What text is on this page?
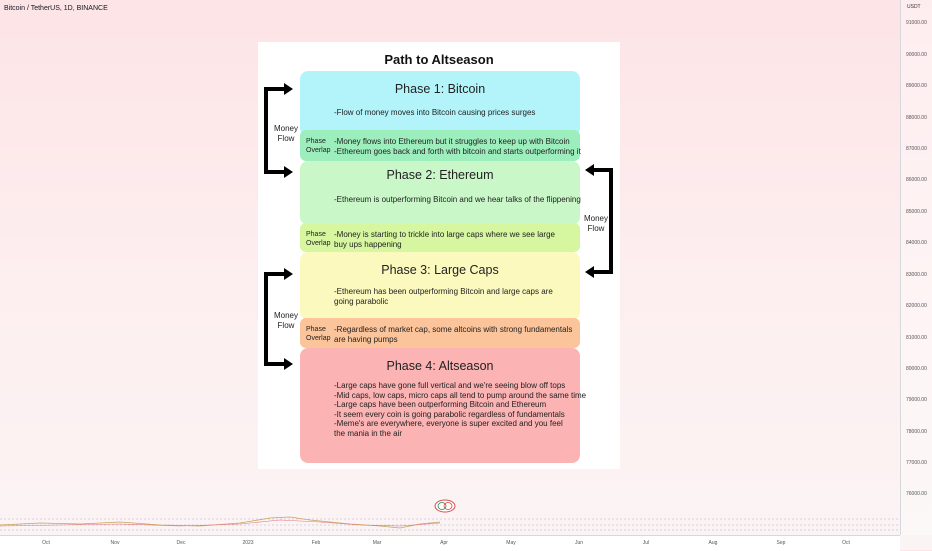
Bitcoin / TetherUS, 1D, BINANCE	USDT
91000.00
90000.00
89000.00
88000.00
87000.00
86000.00
85000.00
84000.00
83000.00
82000.00
81000.00
80000.00
79000.00
78000.00
77000.00
76000.00
Oct	Nov	Dec	2023	Feb	Mar	Apr	May	Jun	Jul	Aug	Sep	Oct
Path to Altseason
Phase 1: Bitcoin
-Flow of money moves into Bitcoin causing prices surges
Phase
Overlap
-Money flows into Ethereum but it struggles to keep up with Bitcoin
-Ethereum goes back and forth with bitcoin and starts outperforming it
Phase 2: Ethereum
-Ethereum is outperforming Bitcoin and we hear talks of the flippening
Phase
Overlap
-Money is starting to trickle into large caps where we see large
buy ups happening
Phase 3: Large Caps
-Ethereum has been outperforming Bitcoin and large caps are
going parabolic
Phase
Overlap
-Regardless of market cap, some altcoins with strong fundamentals
are having pumps
Phase 4: Altseason
-Large caps have gone full vertical and we're seeing blow off tops
-Mid caps, low caps, micro caps all tend to pump around the same time
-Large caps have been outperforming Bitcoin and Ethereum
-It seem every coin is going parabolic regardless of fundamentals
-Meme's are everywhere, everyone is super excited and you feel
the mania in the air
Money
Flow
Money
Flow
Money
Flow
